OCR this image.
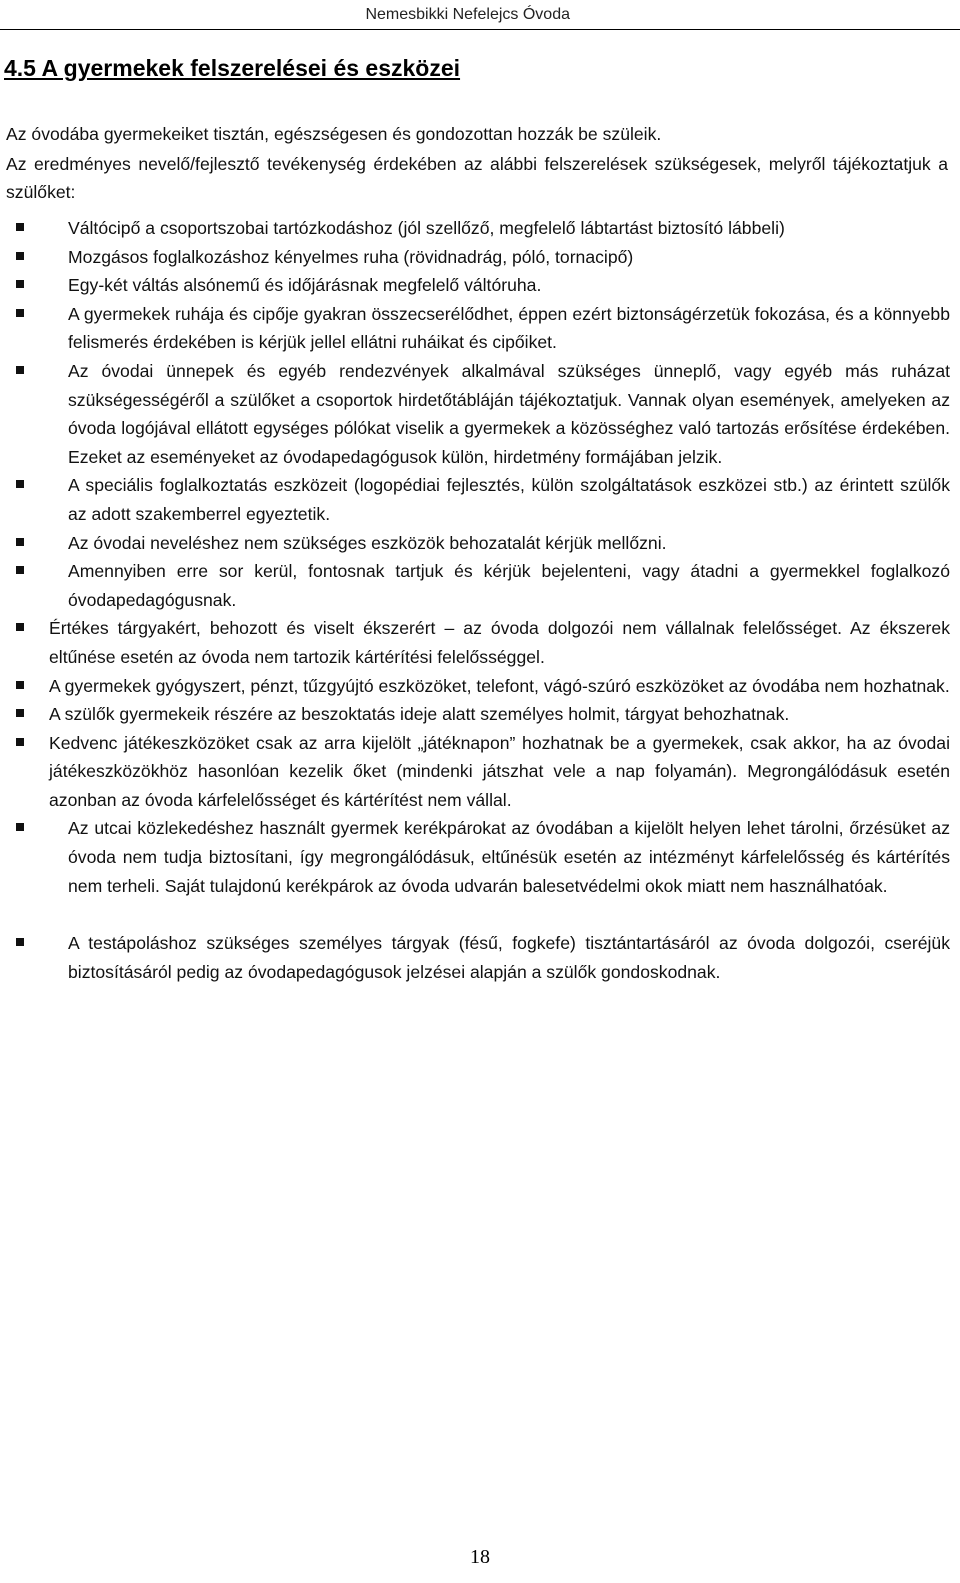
Nemesbikki Nefelejcs Óvoda
4.5 A gyermekek felszerelései és eszközei
Az óvodába gyermekeiket tisztán, egészségesen és gondozottan hozzák be szüleik.
Az eredményes nevelő/fejlesztő tevékenység érdekében az alábbi felszerelések szükségesek, melyről tájékoztatjuk a szülőket:
Váltócipő a csoportszobai tartózkodáshoz (jól szellőző, megfelelő lábtartást biztosító lábbeli)
Mozgásos foglalkozáshoz kényelmes ruha (rövidnadrág, póló, tornacipő)
Egy-két váltás alsónemű és időjárásnak megfelelő váltóruha.
A gyermekek ruhája és cipője gyakran összecserélődhet, éppen ezért biztonságérzetük fokozása, és a könnyebb felismerés érdekében is kérjük jellel ellátni ruháikat és cipőiket.
Az óvodai ünnepek és egyéb rendezvények alkalmával szükséges ünneplő, vagy egyéb más ruházat szükségességéről a szülőket a csoportok hirdetőtábláján tájékoztatjuk. Vannak olyan események, amelyeken az óvoda logójával ellátott egységes pólókat viselik a gyermekek a közösséghez való tartozás erősítése érdekében. Ezeket az eseményeket az óvodapedagógusok külön, hirdetmény formájában jelzik.
A speciális foglalkoztatás eszközeit (logopédiai fejlesztés, külön szolgáltatások eszközei stb.) az érintett szülők az adott szakemberrel egyeztetik.
Az óvodai neveléshez nem szükséges eszközök behozatalát kérjük mellőzni.
Amennyiben erre sor kerül, fontosnak tartjuk és kérjük bejelenteni, vagy átadni a gyermekkel foglalkozó óvodapedagógusnak.
Értékes tárgyakért, behozott és viselt ékszerért – az óvoda dolgozói nem vállalnak felelősséget. Az ékszerek eltűnése esetén az óvoda nem tartozik kártérítési felelősséggel.
A gyermekek gyógyszert, pénzt, tűzgyújtó eszközöket, telefont, vágó-szúró eszközöket az óvodába nem hozhatnak.
A szülők gyermekeik részére az beszoktatás ideje alatt személyes holmit, tárgyat behozhatnak.
Kedvenc játékeszközöket csak az arra kijelölt „játéknapon” hozhatnak be a gyermekek, csak akkor, ha az óvodai játékeszközökhöz hasonlóan kezelik őket (mindenki játszhat vele a nap folyamán). Megrongálódásuk esetén azonban az óvoda kárfelelősséget és kártérítést nem vállal.
Az utcai közlekedéshez használt gyermek kerékpárokat az óvodában a kijelölt helyen lehet tárolni, őrzésüket az óvoda nem tudja biztosítani, így megrongálódásuk, eltűnésük esetén az intézményt kárfelelősség és kártérítés nem terheli. Saját tulajdonú kerékpárok az óvoda udvarán balesetvédelmi okok miatt nem használhatóak.
A testápoláshoz szükséges személyes tárgyak (fésű, fogkefe) tisztántartásáról az óvoda dolgozói, cseréjük biztosításáról pedig az óvodapedagógusok jelzései alapján a szülők gondoskodnak.
18
